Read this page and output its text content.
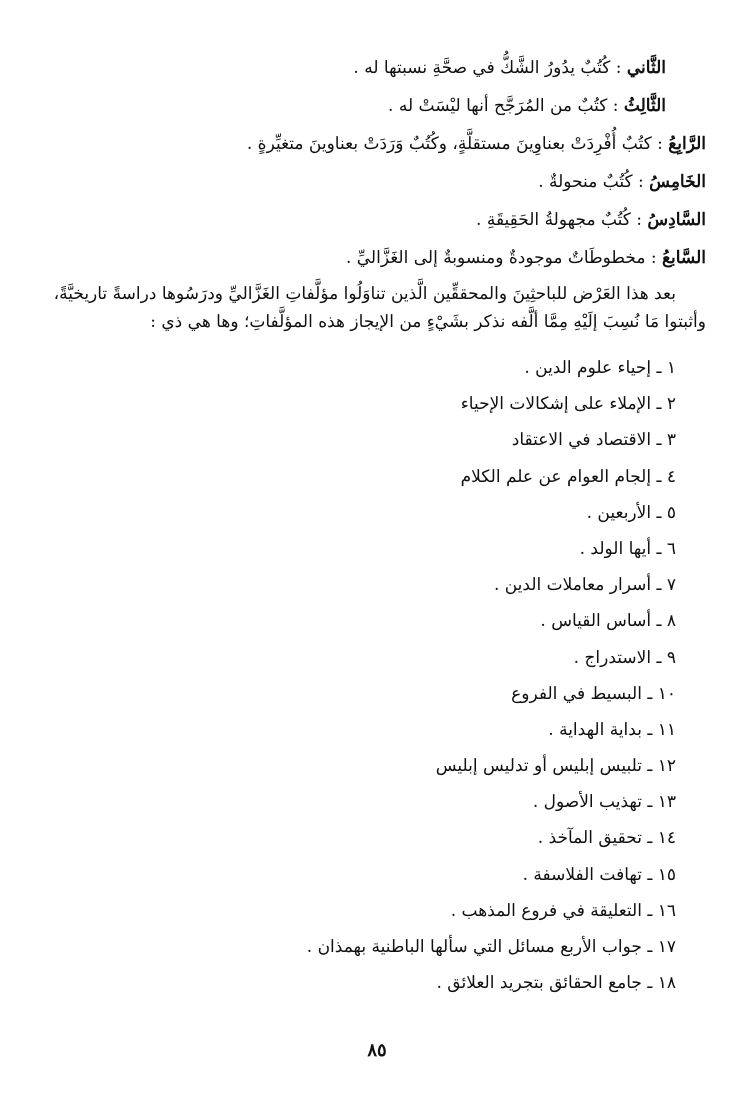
الثَّاني : كُتُبٌ يدُورُ الشَّكُّ في صحَّةِ نسبتها له .
الثَّالِثُ : كتُبٌ من المُرَجَّح أنها ليْسَتْ له .
الرَّابِعُ : كتُبٌ أُفْرِدَتْ بعناوِينَ مستقلَّةٍ، وكُتُبٌ وَرَدَتْ بعناوينَ متغيِّرةٍ .
الخَامِسُ : كُتُبٌ منحولةٌ .
السَّادِسُ : كُتُبٌ مجهولةُ الحَقِيقَةِ .
السَّابعُ : مخطوطَاتٌ موجودةٌ ومنسوبةٌ إلى الغَزَّاليِّ .
بعد هذا العَرْض للباحثِينَ والمحققِّين الَّذين تناوَلُوا مؤلَّفاتِ الغَزَّاليِّ ودرَسُوها دراسةً تاريخيَّةً،
وأثبتوا مَا نُسِبَ إلَيْهِ مِمَّا ألَّفه نذكر بشَيْءٍ من الإيجاز هذه المؤلَّفاتِ؛ وها هي ذي :
١ ـ إحياء علوم الدين .
٢ ـ الإملاء على إشكالات الإحياء
٣ ـ الاقتصاد في الاعتقاد
٤ ـ إلجام العوام عن علم الكلام
٥ ـ الأربعين .
٦ ـ أيها الولد .
٧ ـ أسرار معاملات الدين .
٨ ـ أساس القياس .
٩ ـ الاستدراج .
١٠ ـ البسيط في الفروع
١١ ـ بداية الهداية .
١٢ ـ تلبيس إبليس أو تدليس إبليس
١٣ ـ تهذيب الأصول .
١٤ ـ تحقيق المآخذ .
١٥ ـ تهافت الفلاسفة .
١٦ ـ التعليقة في فروع المذهب .
١٧ ـ جواب الأربع مسائل التي سألها الباطنية بهمذان .
١٨ ـ جامع الحقائق بتجريد العلائق .
٨٥
